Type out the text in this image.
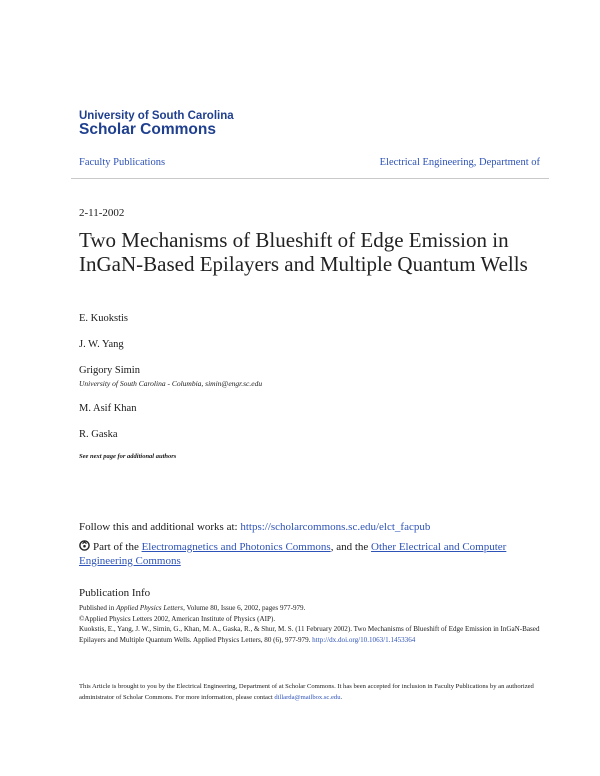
University of South Carolina
Scholar Commons
Faculty Publications	Electrical Engineering, Department of
2-11-2002
Two Mechanisms of Blueshift of Edge Emission in InGaN-Based Epilayers and Multiple Quantum Wells
E. Kuokstis
J. W. Yang
Grigory Simin
University of South Carolina - Columbia, simin@engr.sc.edu
M. Asif Khan
R. Gaska
See next page for additional authors
Follow this and additional works at: https://scholarcommons.sc.edu/elct_facpub
Part of the Electromagnetics and Photonics Commons, and the Other Electrical and Computer Engineering Commons
Publication Info
Published in Applied Physics Letters, Volume 80, Issue 6, 2002, pages 977-979.
©Applied Physics Letters 2002, American Institute of Physics (AIP).
Kuokstis, E., Yang, J. W., Simin, G., Khan, M. A., Gaska, R., & Shur, M. S. (11 February 2002). Two Mechanisms of Blueshift of Edge Emission in InGaN-Based Epilayers and Multiple Quantum Wells. Applied Physics Letters, 80 (6), 977-979. http://dx.doi.org/10.1063/1.1453364
This Article is brought to you by the Electrical Engineering, Department of at Scholar Commons. It has been accepted for inclusion in Faculty Publications by an authorized administrator of Scholar Commons. For more information, please contact dillarda@mailbox.sc.edu.
